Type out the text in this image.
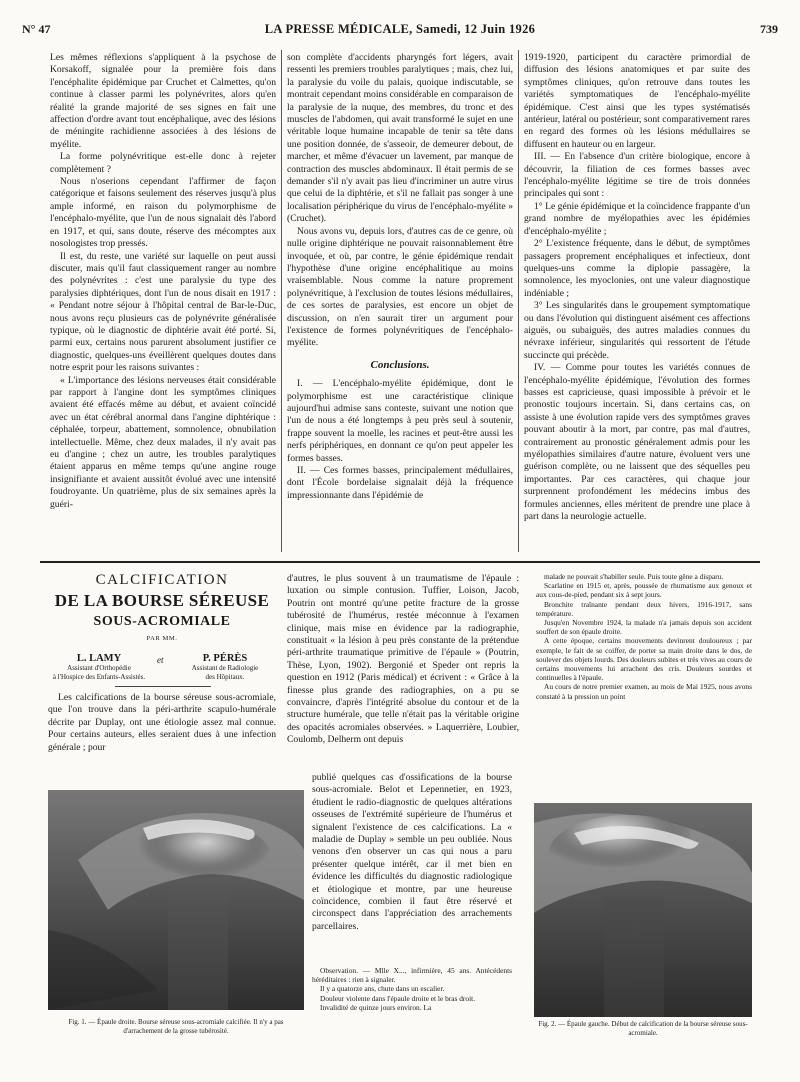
N° 47	LA PRESSE MÉDICALE, Samedi, 12 Juin 1926	739

Les mêmes réflexions s'appliquent à la psychose de Korsakoff, signalée pour la première fois dans l'encéphalite épidémique par Cruchet et Calmettes, qu'on continue à classer parmi les polynévrites, alors qu'en réalité la grande majorité de ses signes en fait une affection d'ordre avant tout encéphalique, avec des lésions de méningite rachidienne associées à des lésions de myélite.

La forme polynévritique est-elle donc à rejeter complètement ?

Nous n'oserions cependant l'affirmer de façon catégorique et faisons seulement des réserves jusqu'à plus ample informé, en raison du polymorphisme de l'encéphalo-myélite, que l'un de nous signalait dès l'abord en 1917, et qui, sans doute, réserve des mécomptes aux nosologistes trop pressés.

Il est, du reste, une variété sur laquelle on peut aussi discuter, mais qu'il faut classiquement ranger au nombre des polynévrites : c'est une paralysie du type des paralysies diphtériques, dont l'un de nous disait en 1917 : « Pendant notre séjour à l'hôpital central de Bar-le-Duc, nous avons reçu plusieurs cas de polynévrite généralisée typique, où le diagnostic de diphtérie avait été porté. Si, parmi eux, certains nous parurent absolument justifier ce diagnostic, quelques-uns éveillèrent quelques doutes dans notre esprit pour les raisons suivantes :

« L'importance des lésions nerveuses était considérable par rapport à l'angine dont les symptômes cliniques avaient été effacés même au début, et avaient coïncidé avec un état cérébral anormal dans l'angine diphtérique : céphalée, torpeur, abattement, somnolence, obnubilation intellectuelle. Même, chez deux malades, il n'y avait pas eu d'angine ; chez un autre, les troubles paralytiques étaient apparus en même temps qu'une angine rouge insignifiante et avaient aussitôt évolué avec une intensité foudroyante. Un quatrième, plus de six semaines après la guéri-

son complète d'accidents pharyngés fort légers, avait ressenti les premiers troubles paralytiques ; mais, chez lui, la paralysie du voile du palais, quoique indiscutable, se montrait cependant moins considérable en comparaison de la paralysie de la nuque, des membres, du tronc et des muscles de l'abdomen, qui avait transformé le sujet en une véritable loque humaine incapable de tenir sa tête dans une position donnée, de s'asseoir, de demeurer debout, de marcher, et même d'évacuer un lavement, par manque de contraction des muscles abdominaux. Il était permis de se demander s'il n'y avait pas lieu d'incriminer un autre virus que celui de la diphtérie, et s'il ne fallait pas songer à une localisation périphérique du virus de l'encéphalo-myélite » (Cruchet).

Nous avons vu, depuis lors, d'autres cas de ce genre, où nulle origine diphtérique ne pouvait raisonnablement être invoquée, et où, par contre, le génie épidémique rendait l'hypothèse d'une origine encéphalitique au moins vraisemblable. Nous comme la nature proprement polynévritique, à l'exclusion de toutes lésions médullaires, de ces sortes de paralysies, est encore un objet de discussion, on n'en saurait tirer un argument pour l'existence de formes polynévritiques de l'encéphalo-myélite.

Conclusions.

I. — L'encéphalo-myélite épidémique, dont le polymorphisme est une caractéristique clinique aujourd'hui admise sans conteste, suivant une notion que l'un de nous a été longtemps à peu près seul à soutenir, frappe souvent la moelle, les racines et peut-être aussi les nerfs périphériques, en donnant ce qu'on peut appeler les formes basses.

II. — Ces formes basses, principalement médullaires, dont l'École bordelaise signalait déjà la fréquence impressionnante dans l'épidémie de

1919-1920, participent du caractère primordial de diffusion des lésions anatomiques et par suite des symptômes cliniques, qu'on retrouve dans toutes les variétés symptomatiques de l'encéphalo-myélite épidémique. C'est ainsi que les types systématisés antérieur, latéral ou postérieur, sont comparativement rares en regard des formes où les lésions médullaires se diffusent en hauteur ou en largeur.

III. — En l'absence d'un critère biologique, encore à découvrir, la filiation de ces formes basses avec l'encéphalo-myélite légitime se tire de trois données principales qui sont :

1° Le génie épidémique et la coïncidence frappante d'un grand nombre de myélopathies avec les épidémies d'encéphalo-myélite ;

2° L'existence fréquente, dans le début, de symptômes passagers proprement encéphaliques et infectieux, dont quelques-uns comme la diplopie passagère, la somnolence, les myoclonies, ont une valeur diagnostique indéniable ;

3° Les singularités dans le groupement symptomatique ou dans l'évolution qui distinguent aisément ces affections aiguës, ou subaiguës, des autres maladies connues du névraxe inférieur, singularités qui ressortent de l'étude succincte qui précède.

IV. — Comme pour toutes les variétés connues de l'encéphalo-myélite épidémique, l'évolution des formes basses est capricieuse, quasi impossible à prévoir et le pronostic toujours incertain. Si, dans certains cas, on assiste à une évolution rapide vers des symptômes graves pouvant aboutir à la mort, par contre, pas mal d'autres, contrairement au pronostic généralement admis pour les myélopathies similaires d'autre nature, évoluent vers une guérison complète, ou ne laissent que des séquelles peu importantes. Par ces caractères, qui chaque jour surprennent profondément les médecins imbus des formules anciennes, elles méritent de prendre une place à part dans la neurologie actuelle.

CALCIFICATION
DE LA BOURSE SÉREUSE
SOUS-ACROMIALE
PAR MM.
L. LAMY
Assistant d'Orthopédie
à l'Hospice des Enfants-Assistés.
et	P. PÉRÈS
Assistant de Radiologie
des Hôpitaux.

Les calcifications de la bourse séreuse sous-acromiale, que l'on trouve dans la péri-arthrite scapulo-humérale décrite par Duplay, ont une étiologie assez mal connue. Pour certains auteurs, elles seraient dues à une infection générale ; pour

d'autres, le plus souvent à un traumatisme de l'épaule : luxation ou simple contusion. Tuffier, Loison, Jacob, Poutrin ont montré qu'une petite fracture de la grosse tubérosité de l'humérus, restée méconnue à l'examen clinique, mais mise en évidence par la radiographie, constituait « la lésion à peu près constante de la prétendue péri-arthrite traumatique primitive de l'épaule » (Poutrin, Thèse, Lyon, 1902). Bergonié et Speder ont repris la question en 1912 (Paris médical) et écrivent : « Grâce à la finesse plus grande des radiographies, on a pu se convaincre, d'après l'intégrité absolue du contour et de la structure humérale, que telle n'était pas la véritable origine des opacités acromiales observées. » Laquerrière, Loubier, Coulomb, Delherm ont depuis

publié quelques cas d'ossifications de la bourse sous-acromiale. Belot et Lepennetier, en 1923, étudient le radio-diagnostic de quelques altérations osseuses de l'extrémité supérieure de l'humérus et signalent l'existence de ces calcifications. La « maladie de Duplay » semble un peu oubliée. Nous venons d'en observer un cas qui nous a paru présenter quelque intérêt, car il met bien en évidence les difficultés du diagnostic radiologique et étiologique et montre, par une heureuse coïncidence, combien il faut être réservé et circonspect dans l'appréciation des arrachements parcellaires.

Observation. — Mlle X..., infirmière, 45 ans. Antécédents héréditaires : rien à signaler.

Il y a quatorze ans, chute dans un escalier.

Douleur violente dans l'épaule droite et le bras droit.

Invalidité de quinze jours environ. La

malade ne pouvait s'habiller seule. Puis toute gêne a disparu.

Scarlatine en 1915 et, après, poussée de rhumatisme aux genoux et aux cous-de-pied, pendant six à sept jours.

Bronchite traînante pendant deux hivers, 1916-1917, sans température.

Jusqu'en Novembre 1924, la malade n'a jamais depuis son accident souffert de son épaule droite.

A cette époque, certains mouvements devinrent douloureux ; par exemple, le fait de se coiffer, de porter sa main droite dans le dos, de soulever des objets lourds. Des douleurs subites et très vives au cours de certains mouvements lui arrachent des cris. Douleurs sourdes et continuelles à l'épaule.

Au cours de notre premier examen, au mois de Mai 1925, nous avons constaté à la pression un point

Fig. 1. — Épaule droite. Bourse séreuse sous-acromiale calcifiée. Il n'y a pas d'arrachement de la grosse tubérosité.
Fig. 2. — Épaule gauche. Début de calcification de la bourse séreuse sous-acromiale.
